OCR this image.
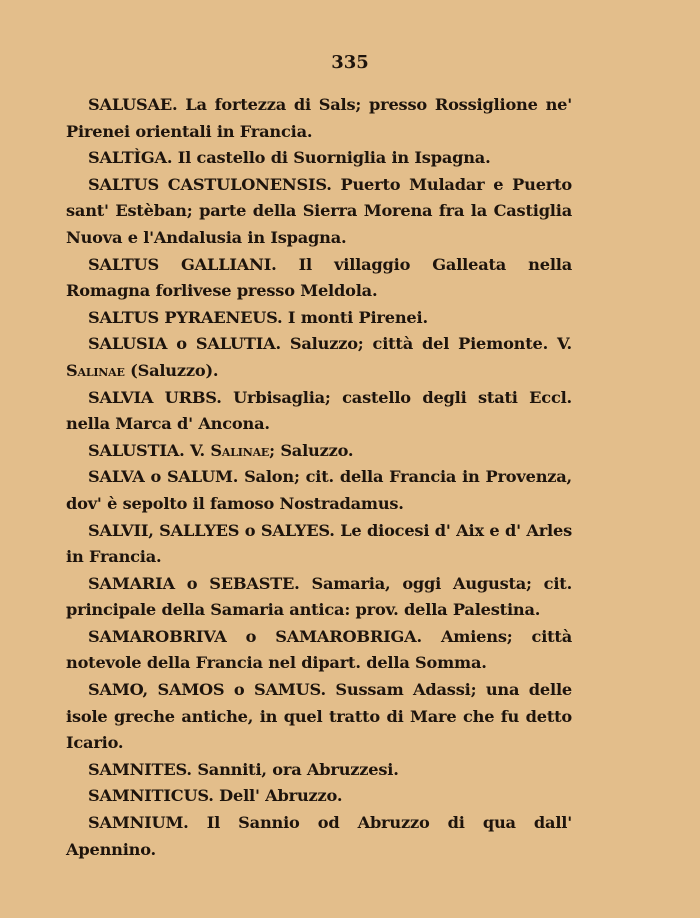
335

SALUSAE. La fortezza di Sals; presso Rossiglione ne' Pirenei orientali in Francia.

SALTÌGA. Il castello di Suorniglia in Ispagna.

SALTUS CASTULONENSIS. Puerto Muladar e Puerto sant' Estèban; parte della Sierra Morena fra la Castiglia Nuova e l'Andalusia in Ispagna.

SALTUS GALLIANI. Il villaggio Galleata nella Romagna forlivese presso Meldola.

SALTUS PYRAENEUS. I monti Pirenei.

SALUSIA o SALUTIA. Saluzzo; città del Piemonte. V. Salinae (Saluzzo).

SALVIA URBS. Urbisaglia; castello degli stati Eccl. nella Marca d' Ancona.

SALUSTIA. V. Salinae; Saluzzo.

SALVA o SALUM. Salon; cit. della Francia in Provenza, dov' è sepolto il famoso Nostradamus.

SALVII, SALLYES o SALYES. Le diocesi d' Aix e d' Arles in Francia.

SAMARIA o SEBASTE. Samaria, oggi Augusta; cit. principale della Samaria antica: prov. della Palestina.

SAMAROBRIVA o SAMAROBRIGA. Amiens; città notevole della Francia nel dipart. della Somma.

SAMO, SAMOS o SAMUS. Sussam Adassi; una delle isole greche antiche, in quel tratto di Mare che fu detto Icario.

SAMNITES. Sanniti, ora Abruzzesi.

SAMNITICUS. Dell' Abruzzo.

SAMNIUM. Il Sannio od Abruzzo di qua dall' Apennino.
